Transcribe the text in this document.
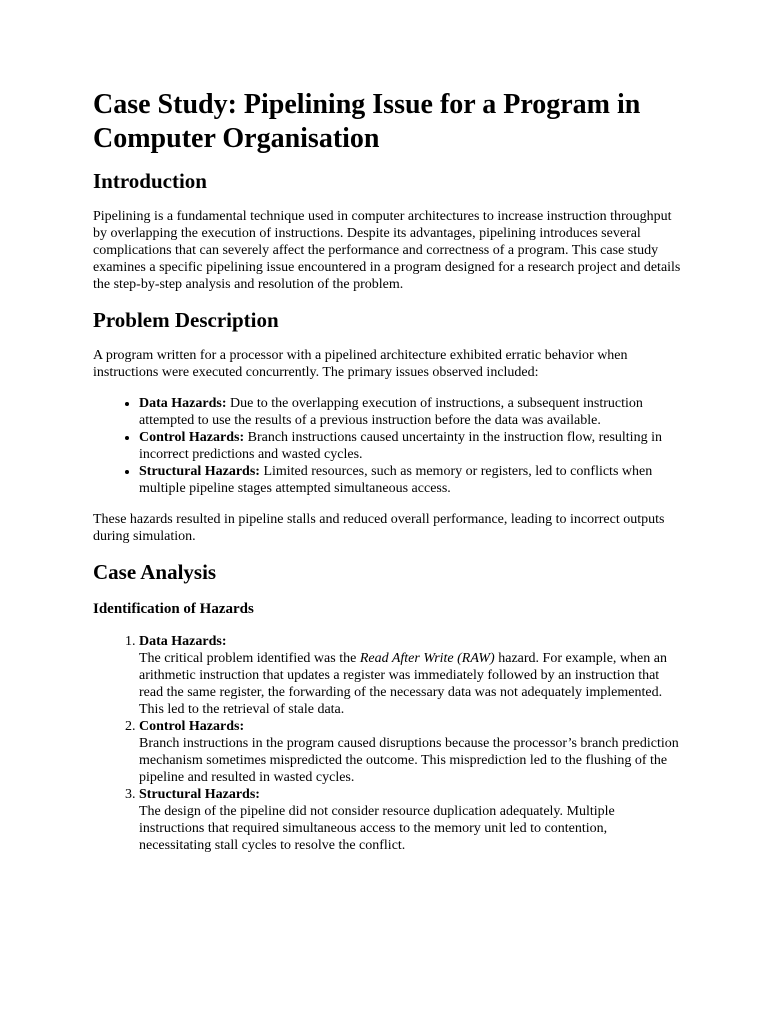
Case Study: Pipelining Issue for a Program in Computer Organisation
Introduction

Pipelining is a fundamental technique used in computer architectures to increase instruction throughput by overlapping the execution of instructions. Despite its advantages, pipelining introduces several complications that can severely affect the performance and correctness of a program. This case study examines a specific pipelining issue encountered in a program designed for a research project and details the step-by-step analysis and resolution of the problem.

Problem Description

A program written for a processor with a pipelined architecture exhibited erratic behavior when instructions were executed concurrently. The primary issues observed included:

• Data Hazards: Due to the overlapping execution of instructions, a subsequent instruction attempted to use the results of a previous instruction before the data was available.
• Control Hazards: Branch instructions caused uncertainty in the instruction flow, resulting in incorrect predictions and wasted cycles.
• Structural Hazards: Limited resources, such as memory or registers, led to conflicts when multiple pipeline stages attempted simultaneous access.

These hazards resulted in pipeline stalls and reduced overall performance, leading to incorrect outputs during simulation.

Case Analysis
Identification of Hazards
1. Data Hazards:
The critical problem identified was the Read After Write (RAW) hazard. For example, when an arithmetic instruction that updates a register was immediately followed by an instruction that read the same register, the forwarding of the necessary data was not adequately implemented. This led to the retrieval of stale data.
2. Control Hazards:
Branch instructions in the program caused disruptions because the processor’s branch prediction mechanism sometimes mispredicted the outcome. This misprediction led to the flushing of the pipeline and resulted in wasted cycles.
3. Structural Hazards:
The design of the pipeline did not consider resource duplication adequately. Multiple instructions that required simultaneous access to the memory unit led to contention, necessitating stall cycles to resolve the conflict.
